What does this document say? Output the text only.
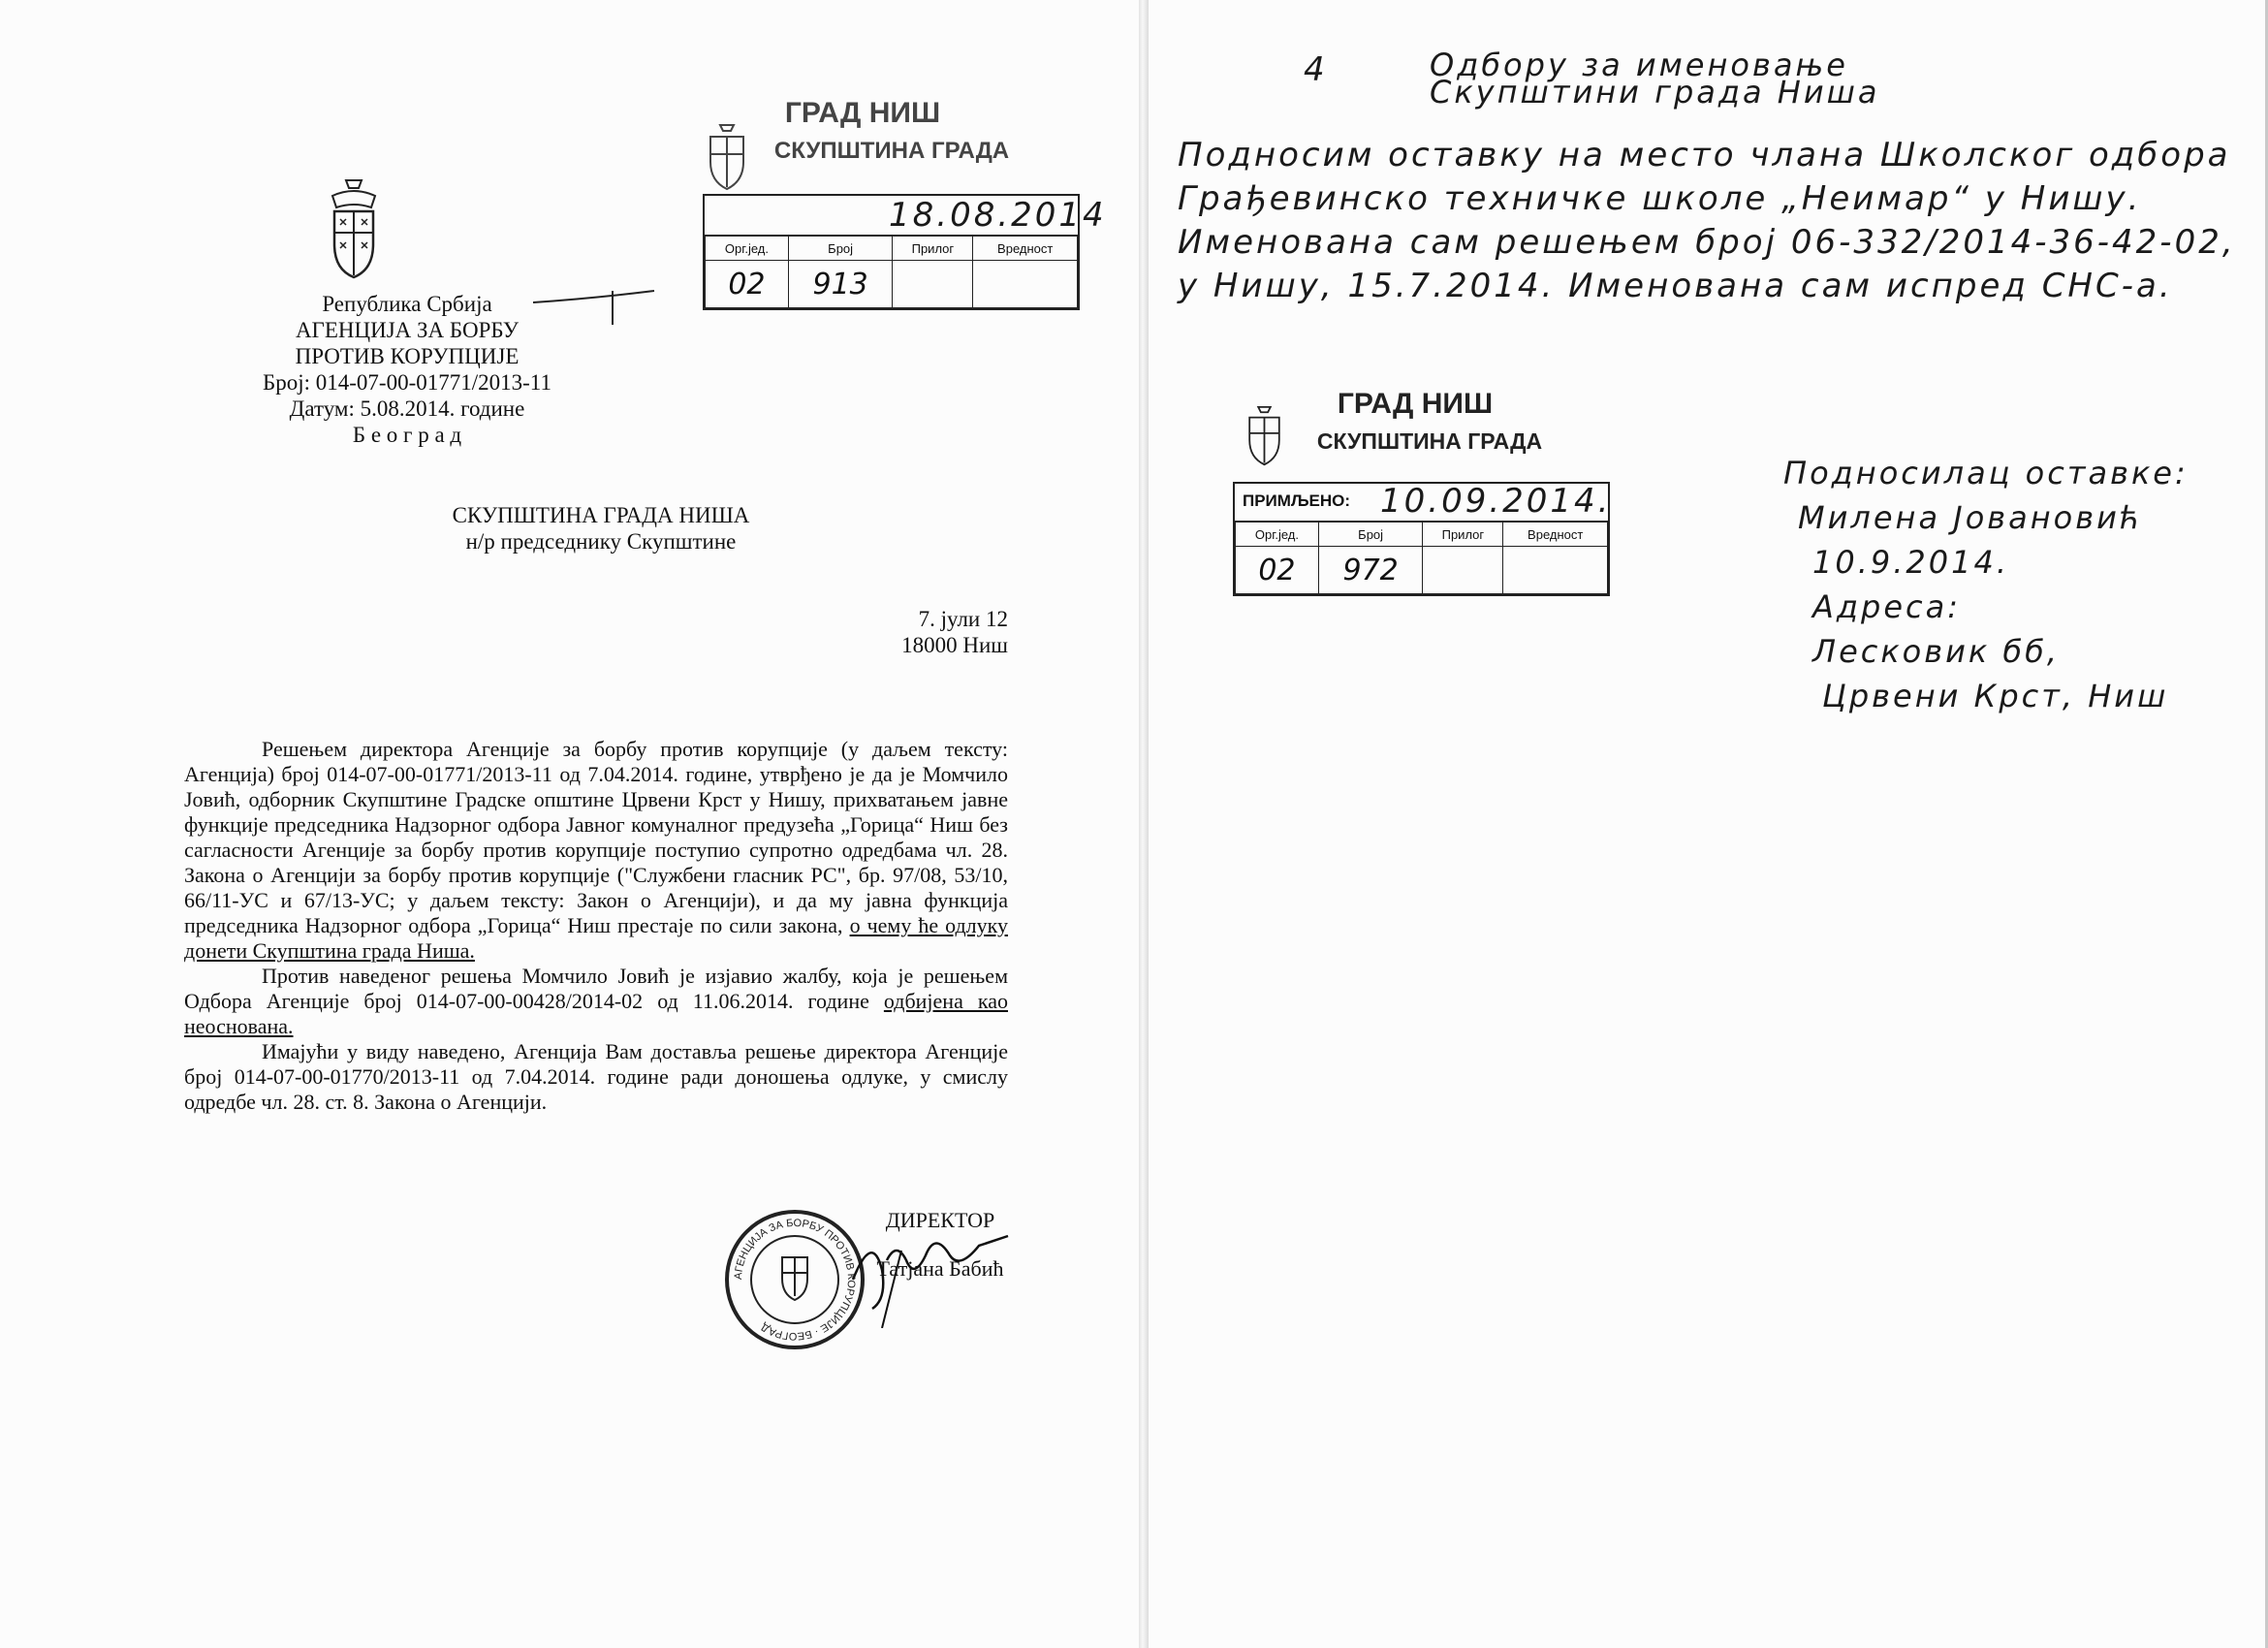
Република Србија
АГЕНЦИЈА ЗА БОРБУ
ПРОТИВ КОРУПЦИЈЕ
Број: 014-07-00-01771/2013-11
Датум: 5.08.2014. године
Б е о г р а д
ГРАД НИШ
СКУПШТИНА ГРАДА
18.08.2014
Орг.јед.	Број	Прилог	Вредност
02	913		
СКУПШТИНА ГРАДА НИША
н/р председнику Скупштине
7. јули 12
18000 Ниш

Решењем директора Агенције за борбу против корупције (у даљем тексту: Агенција) број 014-07-00-01771/2013-11 од 7.04.2014. године, утврђено је да је Момчило Јовић, одборник Скупштине Градске општине Црвени Крст у Нишу, прихватањем јавне функције председника Надзорног одбора Јавног комуналног предузећа „Горица“ Ниш без сагласности Агенције за борбу против корупције поступио супротно одредбама чл. 28. Закона о Агенцији за борбу против корупције ("Службени гласник РС", бр. 97/08, 53/10, 66/11-УС и 67/13-УС; у даљем тексту: Закон о Агенцији), и да му јавна функција председника Надзорног одбора „Горица“ Ниш престаје по сили закона, о чему ће одлуку донети Скупштина града Ниша.

Против наведеног решења Момчило Јовић је изјавио жалбу, која је решењем Одбора Агенције број 014-07-00-00428/2014-02 од 11.06.2014. године одбијена као неоснована.

Имајући у виду наведено, Агенција Вам доставља решење директора Агенције број 014-07-00-01770/2013-11 од 7.04.2014. године ради доношења одлуке, у смислу одредбе чл. 28. ст. 8. Закона о Агенцији.

АГЕНЦИЈА ЗА БОРБУ ПРОТИВ КОРУПЦИЈЕ · БЕОГРАД
ДИРЕКТОР
Татјана Бабић
4	Одбору за именовање
Скупштини града Ниша
Подносим оставку на место члана Школског одбора
Грађевинско техничке школе „Неимар“ у Нишу.
Именована сам решењем број 06-332/2014-36-42-02,
у Нишу, 15.7.2014. Именована сам испред СНС-а.
ГРАД НИШ
СКУПШТИНА ГРАДА
ПРИМЉЕНО: 10.09.2014.
Орг.јед.	Број	Прилог	Вредност
02	972		
Подносилац оставке:
Милена Јовановић
10.9.2014.
Адреса:
Лесковик бб,
Црвени Крст, Ниш
